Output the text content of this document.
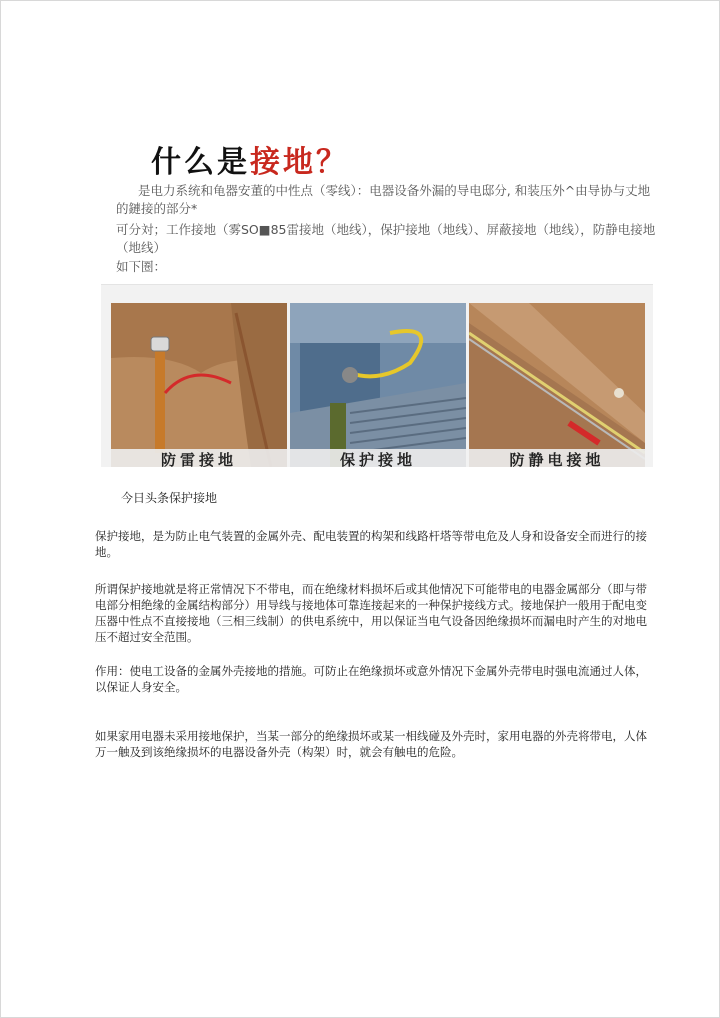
什么是接地？
是电力系统和龟器安董的中性点（零线）：电器设备外漏的导电邸分, 和装压外^由导协与丈地的鏈接的部分*
可分対；工作接地（雾SO■85雷接地（地线），保护接地（地线）、屏蔽接地（地线），防静电接地（地线）
如下圏：
防雷接地	保护接地	防静电接地
今日头条保护接地
保护接地，是为防止电气装置的金属外壳、配电装置的构架和线路杆塔等带电危及人身和设备安全而进行的接地。
所谓保护接地就是将正常情况下不带电，而在绝缘材料损坏后或其他情况下可能带电的电器金属部分（即与带电部分相绝缘的金属结构部分）用导线与接地体可靠连接起来的一种保护接线方式。接地保护一般用于配电变压器中性点不直接接地（三相三线制）的供电系统中，用以保证当电气设备因绝缘损坏而漏电时产生的对地电压不超过安全范围。
作用：使电工设备的金属外壳接地的措施。可防止在绝缘损坏或意外情况下金属外壳带电时强电流通过人体，以保证人身安全。
如果家用电器未采用接地保护，当某一部分的绝缘损坏或某一相线碰及外壳时，家用电器的外壳将带电，人体万一触及到该绝缘损坏的电器设备外壳（构架）时，就会有触电的危险。
